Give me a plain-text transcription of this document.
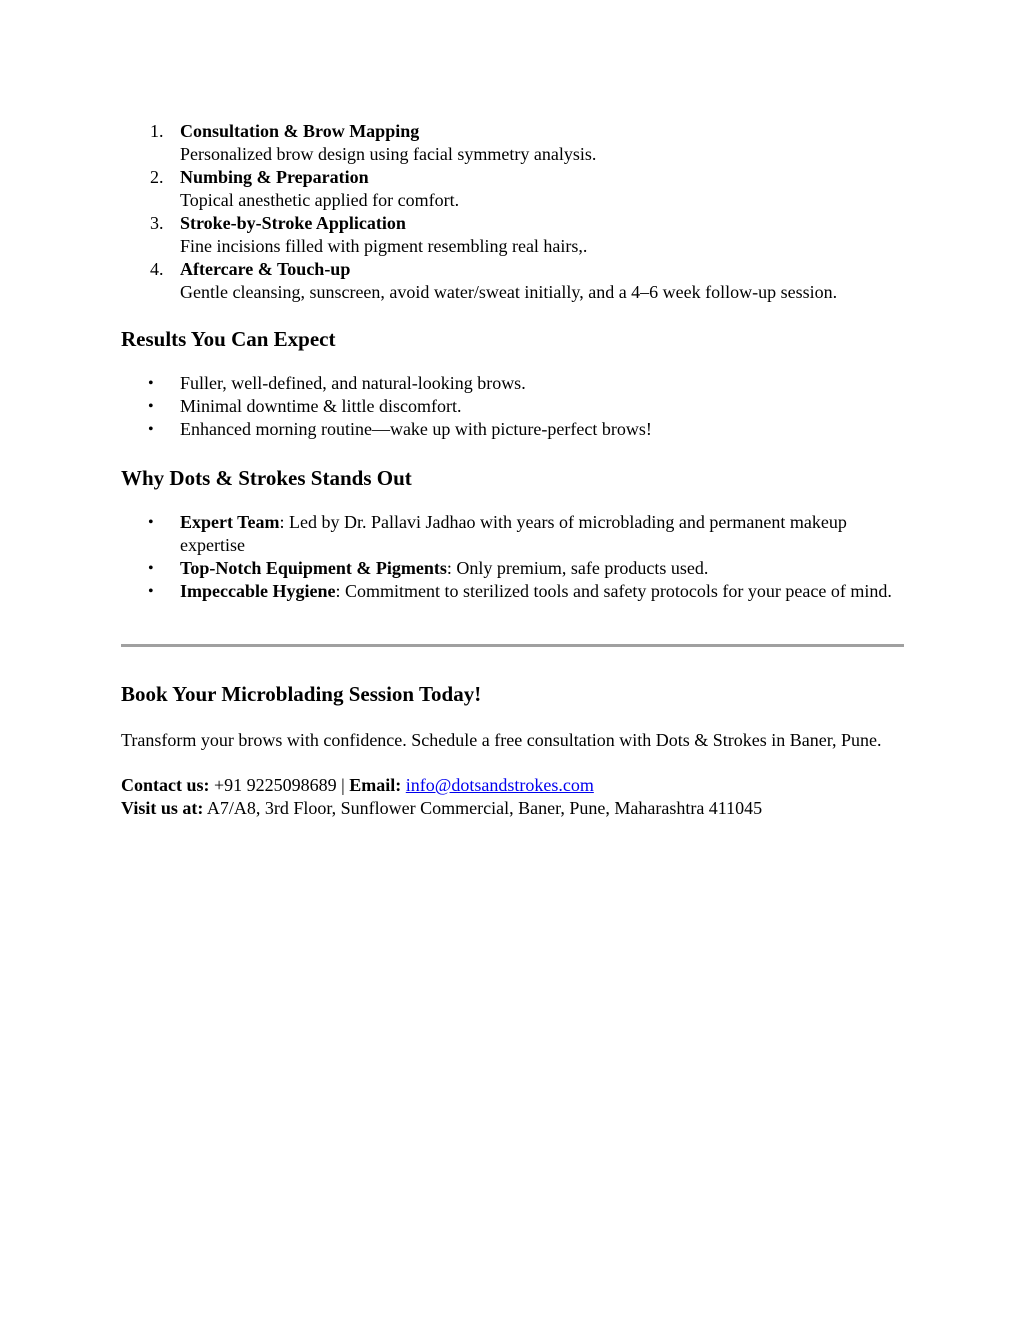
1. Consultation & Brow Mapping
Personalized brow design using facial symmetry analysis.
2. Numbing & Preparation
Topical anesthetic applied for comfort.
3. Stroke-by-Stroke Application
Fine incisions filled with pigment resembling real hairs,.
4. Aftercare & Touch-up
Gentle cleansing, sunscreen, avoid water/sweat initially, and a 4–6 week follow-up session.
Results You Can Expect
• Fuller, well-defined, and natural-looking brows.
• Minimal downtime & little discomfort.
• Enhanced morning routine—wake up with picture-perfect brows!
Why Dots & Strokes Stands Out
• Expert Team: Led by Dr. Pallavi Jadhao with years of microblading and permanent makeup expertise
• Top-Notch Equipment & Pigments: Only premium, safe products used.
• Impeccable Hygiene: Commitment to sterilized tools and safety protocols for your peace of mind.
Book Your Microblading Session Today!

Transform your brows with confidence. Schedule a free consultation with Dots & Strokes in Baner, Pune.

Contact us: +91 9225098689 | Email: info@dotsandstrokes.com
Visit us at: A7/A8, 3rd Floor, Sunflower Commercial, Baner, Pune, Maharashtra 411045
